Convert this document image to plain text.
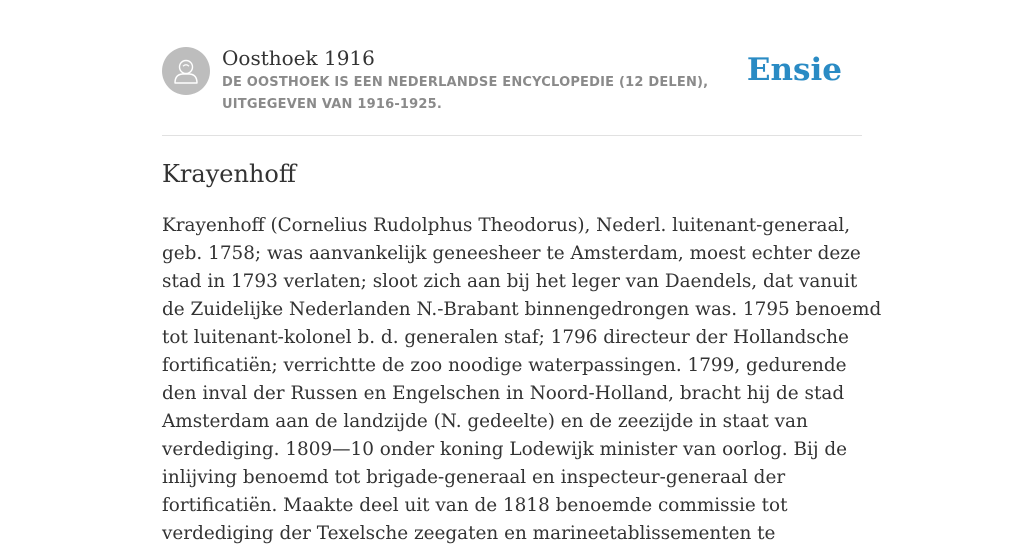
Oosthoek 1916

DE OOSTHOEK IS EEN NEDERLANDSE ENCYCLOPEDIE (12 DELEN), UITGEGEVEN VAN 1916-1925.

Ensie
Krayenhoff

Krayenhoff (Cornelius Rudolphus Theodorus), Nederl. luitenant-generaal, geb. 1758; was aanvankelijk geneesheer te Amsterdam, moest echter deze stad in 1793 verlaten; sloot zich aan bij het leger van Daendels, dat vanuit de Zuidelijke Nederlanden N.-Brabant binnengedrongen was. 1795 benoemd tot luitenant-kolonel b. d. generalen staf; 1796 directeur der Hollandsche fortificatiën; verrichtte de zoo noodige waterpassingen. 1799, gedurende den inval der Russen en Engelschen in Noord-Holland, bracht hij de stad Amsterdam aan de landzijde (N. gedeelte) en de zeezijde in staat van verdediging. 1809—10 onder koning Lodewijk minister van oorlog. Bij de inlijving benoemd tot brigade-generaal en inspecteur-generaal der fortificatiën. Maakte deel uit van de 1818 benoemde commissie tot verdediging der Texelsche zeegaten en marineetablissementen te
